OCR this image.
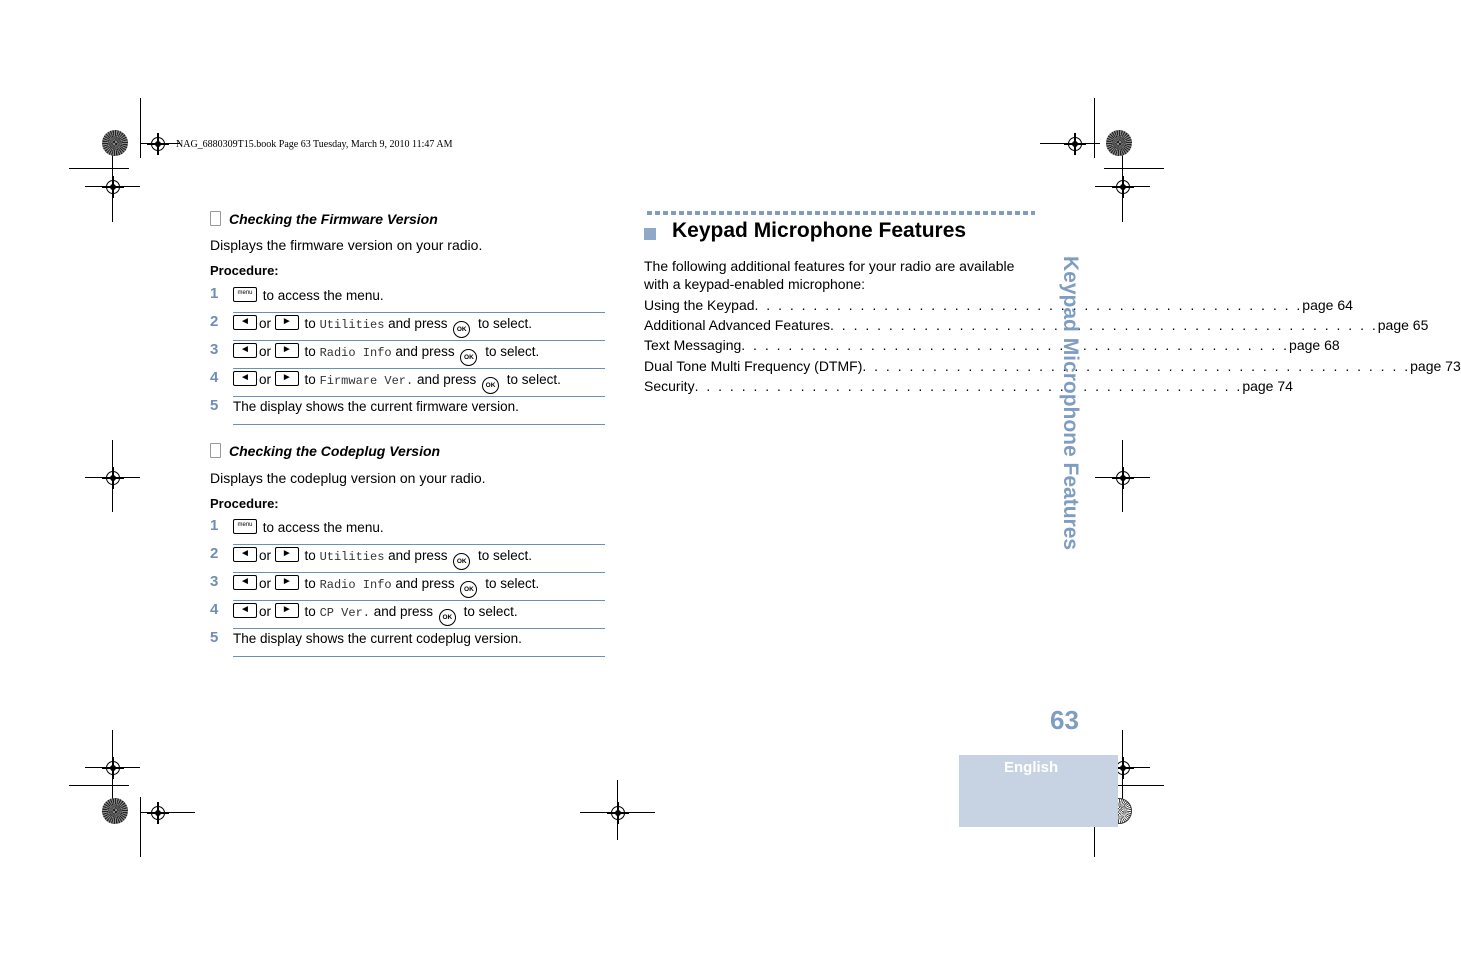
NAG_6880309T15.book Page 63 Tuesday, March 9, 2010 11:47 AM
Checking the Firmware Version
Displays the firmware version on your radio.
Procedure:
1	menu to access the menu.
2	◄ or	► to Utilities and press OK to select.
3	◄ or	► to Radio Info and press OK to select.
4	◄ or	► to Firmware Ver. and press OK to select.
5 The display shows the current firmware version.
Checking the Codeplug Version
Displays the codeplug version on your radio.
Procedure:
1	menu to access the menu.
2	◄ or	► to Utilities and press OK to select.
3	◄ or	► to Radio Info and press OK to select.
4	◄ or	► to CP Ver. and press OK to select.
5 The display shows the current codeplug version.
Keypad Microphone Features
The following additional features for your radio are available with a keypad-enabled microphone:
Using the Keypad . . . . . . . . . . . . . . . . . . . . . . . . . . . . . . . . . . . . . . . . . . . . . . . page 64
Additional Advanced Features . . . . . . . . . . . . . . . . . . . . . . . . . . . . . . . . . . . . . . . . . . . . . . . page 65
Text Messaging . . . . . . . . . . . . . . . . . . . . . . . . . . . . . . . . . . . . . . . . . . . . . . . page 68
Dual Tone Multi Frequency (DTMF) . . . . . . . . . . . . . . . . . . . . . . . . . . . . . . . . . . . . . . . . . . . . . . . page 73
Security . . . . . . . . . . . . . . . . . . . . . . . . . . . . . . . . . . . . . . . . . . . . . . . page 74
Keypad Microphone Features
63
English
